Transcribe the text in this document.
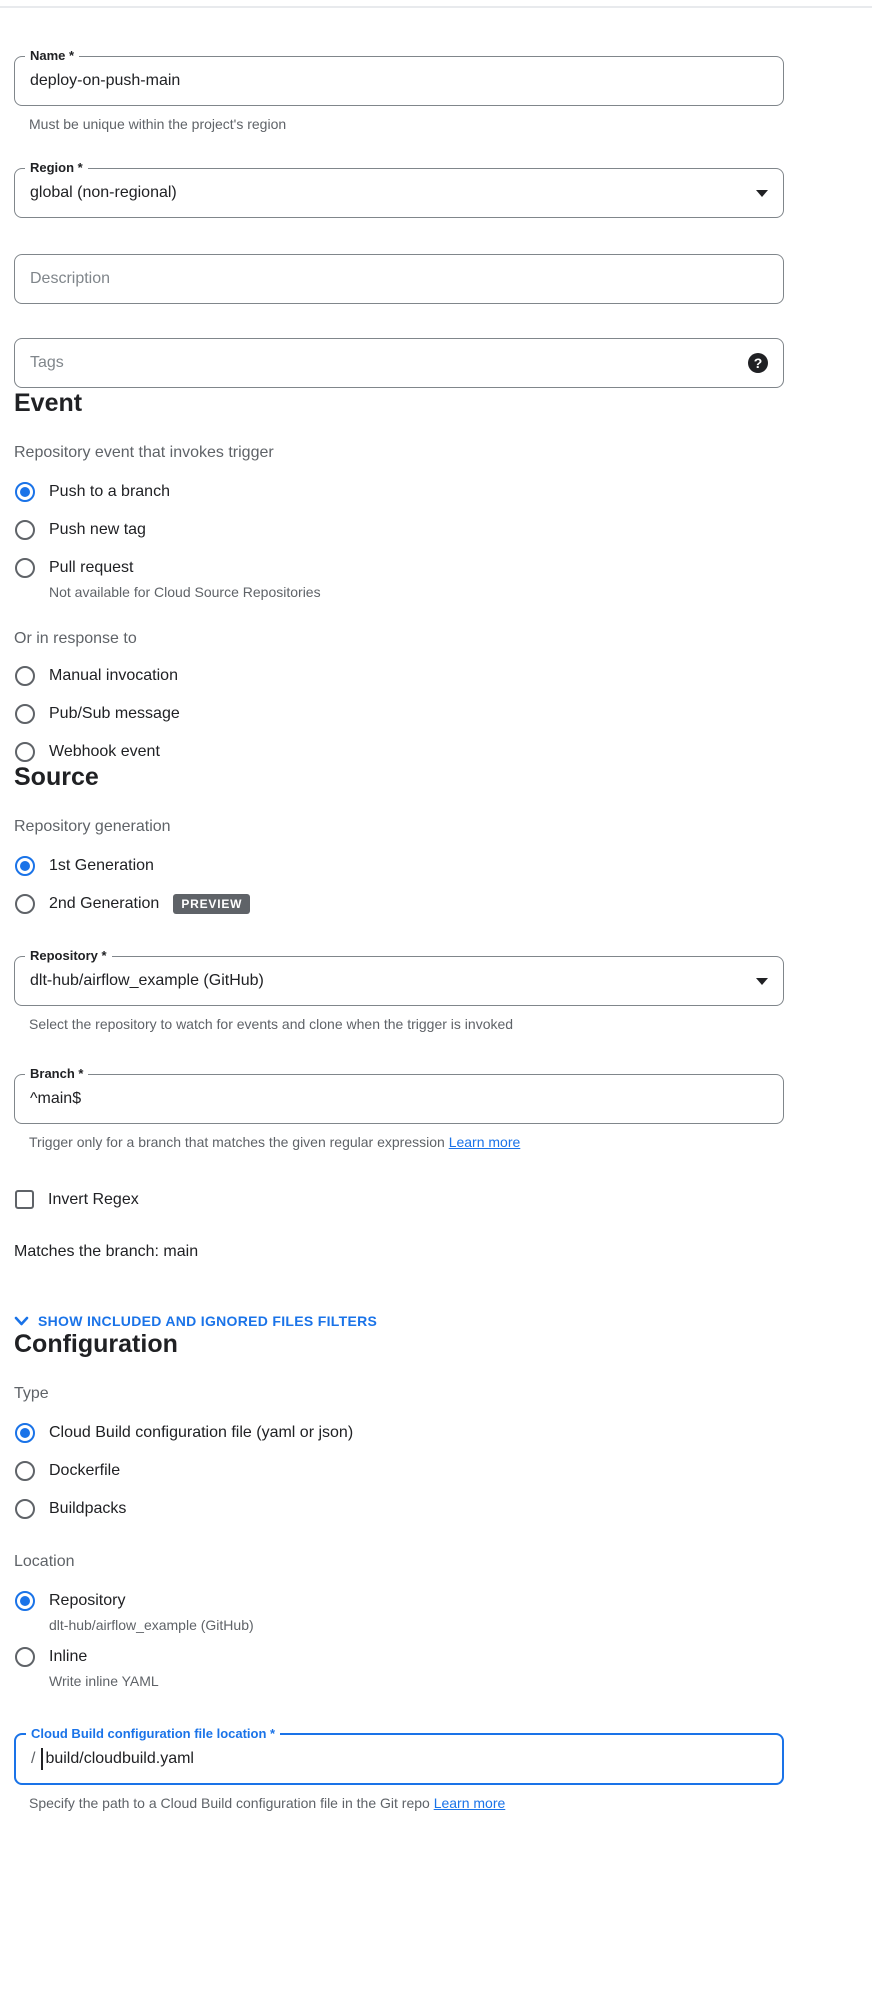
Name *
deploy-on-push-main
Must be unique within the project's region
Region *
global (non-regional)
Description
Tags	?
Event
Repository event that invokes trigger
Push to a branch
Push new tag
Pull request
Not available for Cloud Source Repositories
Or in response to
Manual invocation
Pub/Sub message
Webhook event
Source
Repository generation
1st Generation
2nd Generation	PREVIEW
Repository *
dlt-hub/airflow_example (GitHub)
Select the repository to watch for events and clone when the trigger is invoked
Branch *
^main$
Trigger only for a branch that matches the given regular expression Learn more
Invert Regex
Matches the branch: main
SHOW INCLUDED AND IGNORED FILES FILTERS
Configuration
Type
Cloud Build configuration file (yaml or json)
Dockerfile
Buildpacks
Location
Repository
dlt-hub/airflow_example (GitHub)
Inline
Write inline YAML
Cloud Build configuration file location *
/ build/cloudbuild.yaml
Specify the path to a Cloud Build configuration file in the Git repo Learn more
